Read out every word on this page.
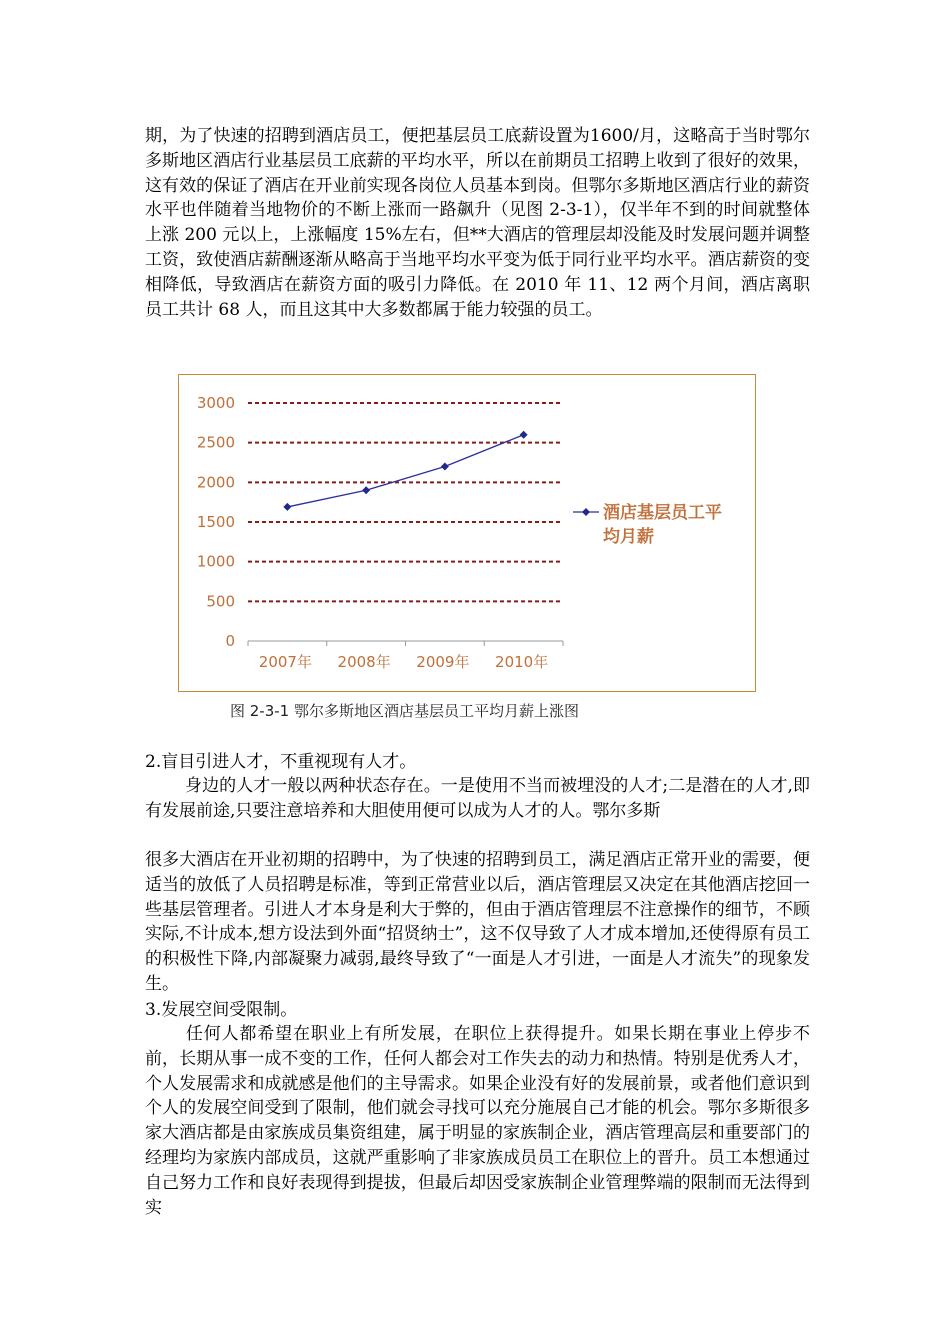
期，为了快速的招聘到酒店员工，便把基层员工底薪设置为1600/月，这略高于当时鄂尔多斯地区酒店行业基层员工底薪的平均水平，所以在前期员工招聘上收到了很好的效果，这有效的保证了酒店在开业前实现各岗位人员基本到岗。但鄂尔多斯地区酒店行业的薪资水平也伴随着当地物价的不断上涨而一路飙升（见图 2-3-1），仅半年不到的时间就整体上涨 200 元以上，上涨幅度 15%左右，但**大酒店的管理层却没能及时发展问题并调整工资，致使酒店薪酬逐渐从略高于当地平均水平变为低于同行业平均水平。酒店薪资的变相降低，导致酒店在薪资方面的吸引力降低。在 2010 年 11、12 两个月间，酒店离职员工共计 68 人，而且这其中大多数都属于能力较强的员工。

0
500
1000
1500
2000
2500
3000
2007年 2008年 2009年 2010年
酒店基层员工平
均月薪
图 2-3-1 鄂尔多斯地区酒店基层员工平均月薪上涨图

2.盲目引进人才，不重视现有人才。

身边的人才一般以两种状态存在。一是使用不当而被埋没的人才;二是潜在的人才,即有发展前途,只要注意培养和大胆使用便可以成为人才的人。鄂尔多斯

很多大酒店在开业初期的招聘中，为了快速的招聘到员工，满足酒店正常开业的需要，便适当的放低了人员招聘是标准，等到正常营业以后，酒店管理层又决定在其他酒店挖回一些基层管理者。引进人才本身是利大于弊的，但由于酒店管理层不注意操作的细节，不顾实际,不计成本,想方设法到外面“招贤纳士”，这不仅导致了人才成本增加,还使得原有员工的积极性下降,内部凝聚力减弱,最终导致了“一面是人才引进，一面是人才流失”的现象发生。

3.发展空间受限制。

任何人都希望在职业上有所发展，在职位上获得提升。如果长期在事业上停步不前，长期从事一成不变的工作，任何人都会对工作失去的动力和热情。特别是优秀人才，个人发展需求和成就感是他们的主导需求。如果企业没有好的发展前景，或者他们意识到个人的发展空间受到了限制，他们就会寻找可以充分施展自己才能的机会。鄂尔多斯很多家大酒店都是由家族成员集资组建，属于明显的家族制企业，酒店管理高层和重要部门的经理均为家族内部成员，这就严重影响了非家族成员员工在职位上的晋升。员工本想通过自己努力工作和良好表现得到提拔，但最后却因受家族制企业管理弊端的限制而无法得到实
